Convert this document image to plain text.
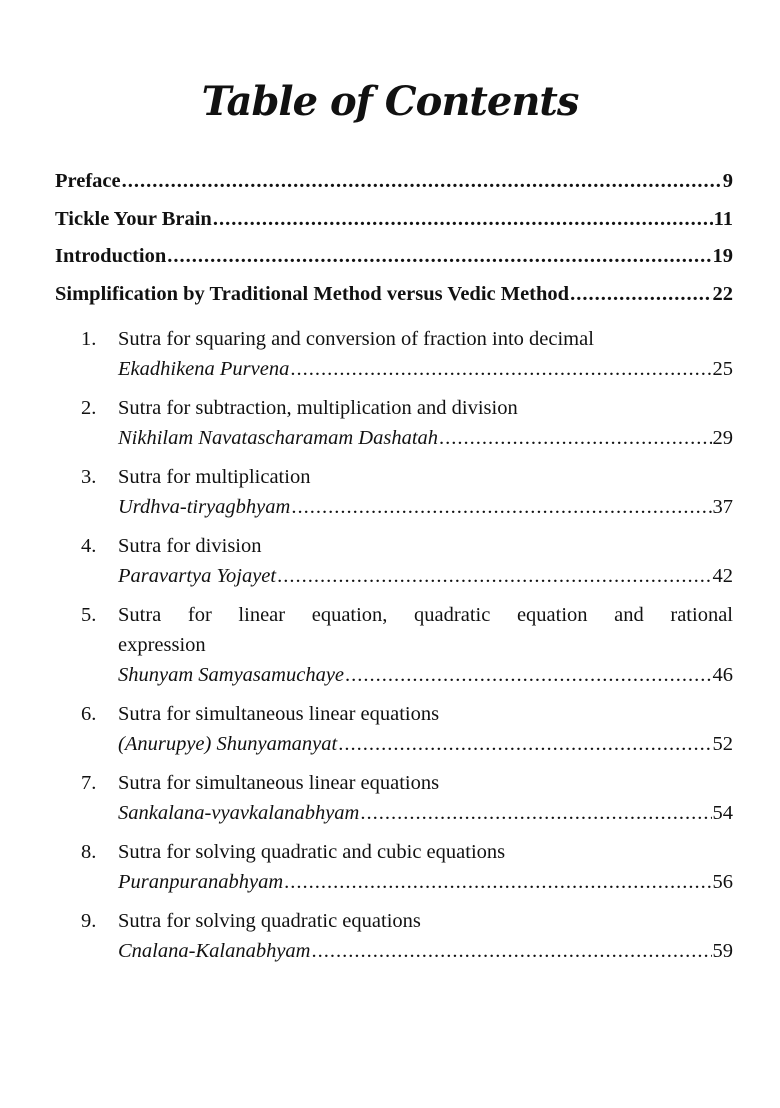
Table of Contents
Preface .....	9
Tickle Your Brain .....	11
Introduction .....	19
Simplification by Traditional Method versus Vedic Method .....	22
1. Sutra for squaring and conversion of fraction into decimal
Ekadhikena Purvena .....	25
2. Sutra for subtraction, multiplication and division
Nikhilam Navatascharamam Dashatah .....	29
3. Sutra for multiplication
Urdhva-tiryagbhyam .....	37
4. Sutra for division
Paravartya Yojayet .....	42
5. Sutra for linear equation, quadratic equation and rational
expression
Shunyam Samyasamuchaye .....	46
6. Sutra for simultaneous linear equations
(Anurupye) Shunyamanyat .....	52
7. Sutra for simultaneous linear equations
Sankalana-vyavkalanabhyam .....	54
8. Sutra for solving quadratic and cubic equations
Puranpuranabhyam .....	56
9. Sutra for solving quadratic equations
Cnalana-Kalanabhyam .....	59
